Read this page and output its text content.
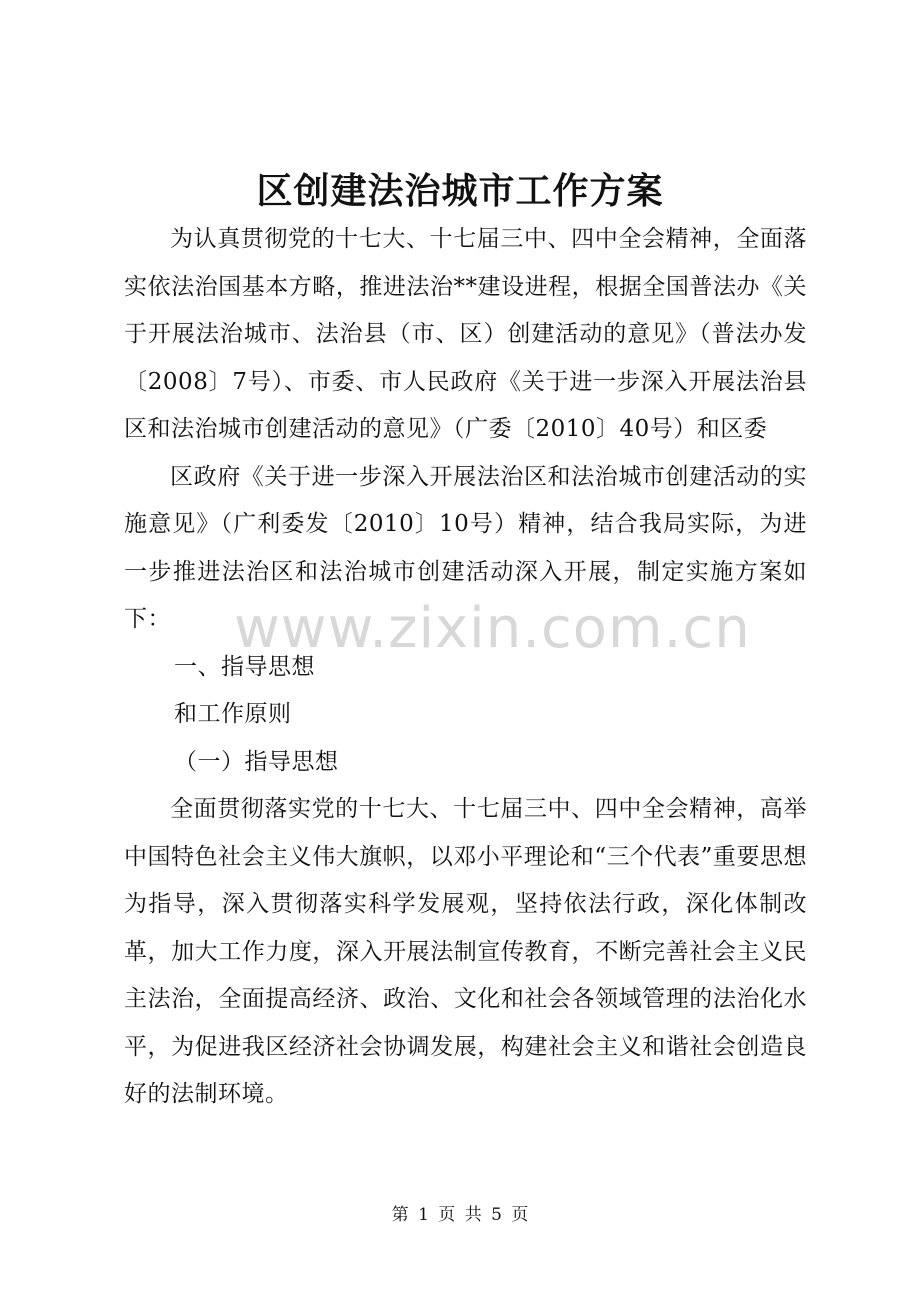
区创建法治城市工作方案

为认真贯彻党的十七大、十七届三中、四中全会精神，全面落实依法治国基本方略，推进法治**建设进程，根据全国普法办《关于开展法治城市、法治县（市、区）创建活动的意见》（普法办发〔2008〕7号）、市委、市人民政府《关于进一步深入开展法治县区和法治城市创建活动的意见》（广委〔2010〕40号）和区委

区政府《关于进一步深入开展法治区和法治城市创建活动的实施意见》（广利委发〔2010〕10号）精神，结合我局实际，为进一步推进法治区和法治城市创建活动深入开展，制定实施方案如下：

一、指导思想

和工作原则

（一）指导思想

全面贯彻落实党的十七大、十七届三中、四中全会精神，高举中国特色社会主义伟大旗帜，以邓小平理论和“三个代表”重要思想为指导，深入贯彻落实科学发展观，坚持依法行政，深化体制改革，加大工作力度，深入开展法制宣传教育，不断完善社会主义民主法治，全面提高经济、政治、文化和社会各领域管理的法治化水平，为促进我区经济社会协调发展，构建社会主义和谐社会创造良好的法制环境。

www.zixin.com.cn
第 1 页 共 5 页
